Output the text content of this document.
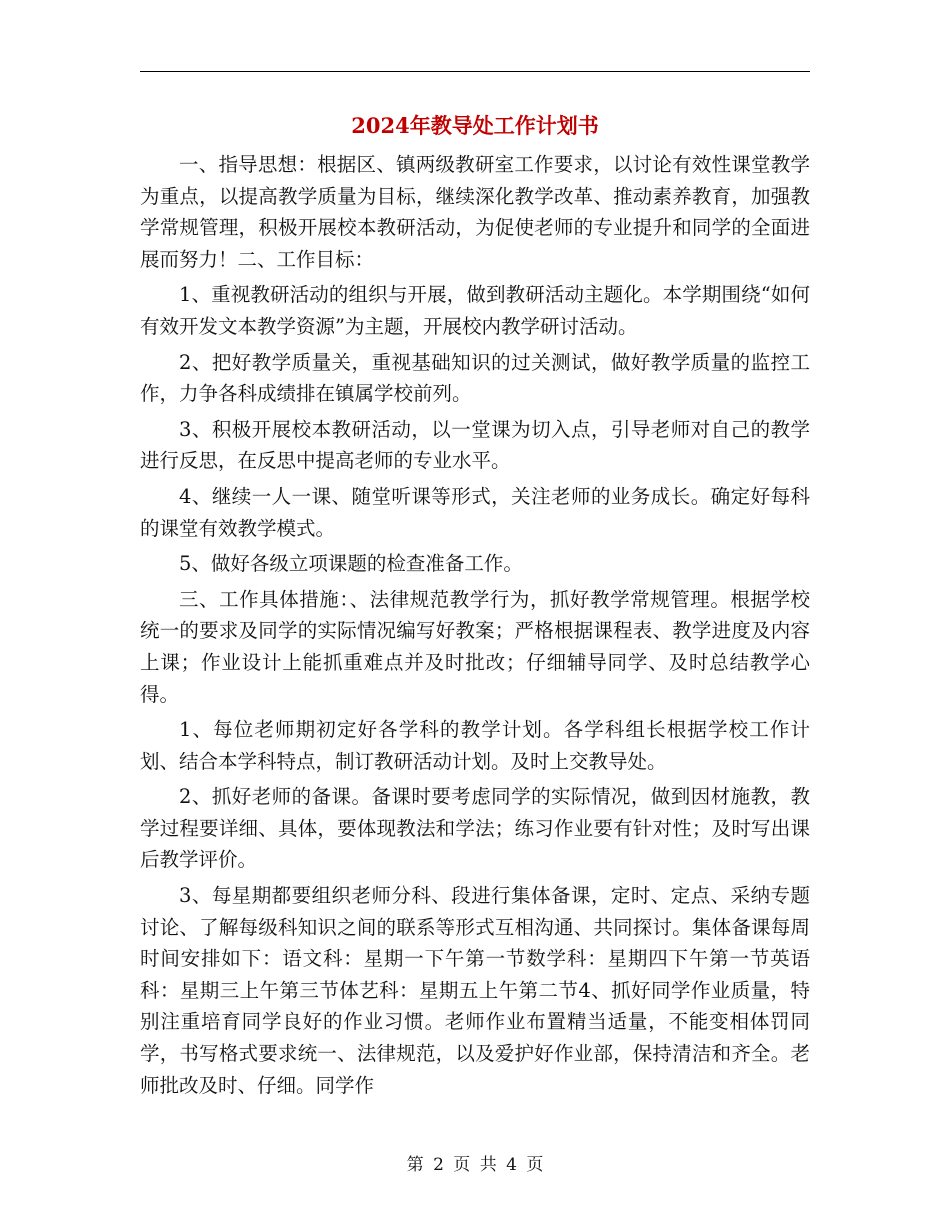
2024年教导处工作计划书

一、指导思想：根据区、镇两级教研室工作要求，以讨论有效性课堂教学为重点，以提高教学质量为目标，继续深化教学改革、推动素养教育，加强教学常规管理，积极开展校本教研活动，为促使老师的专业提升和同学的全面进展而努力！二、工作目标：

1、重视教研活动的组织与开展，做到教研活动主题化。本学期围绕“如何有效开发文本教学资源”为主题，开展校内教学研讨活动。

2、把好教学质量关，重视基础知识的过关测试，做好教学质量的监控工作，力争各科成绩排在镇属学校前列。

3、积极开展校本教研活动，以一堂课为切入点，引导老师对自己的教学进行反思，在反思中提高老师的专业水平。

4、继续一人一课、随堂听课等形式，关注老师的业务成长。确定好每科的课堂有效教学模式。

5、做好各级立项课题的检查准备工作。

三、工作具体措施：、法律规范教学行为，抓好教学常规管理。根据学校统一的要求及同学的实际情况编写好教案；严格根据课程表、教学进度及内容上课；作业设计上能抓重难点并及时批改；仔细辅导同学、及时总结教学心得。

1、每位老师期初定好各学科的教学计划。各学科组长根据学校工作计划、结合本学科特点，制订教研活动计划。及时上交教导处。

2、抓好老师的备课。备课时要考虑同学的实际情况，做到因材施教，教学过程要详细、具体，要体现教法和学法；练习作业要有针对性；及时写出课后教学评价。

3、每星期都要组织老师分科、段进行集体备课，定时、定点、采纳专题讨论、了解每级科知识之间的联系等形式互相沟通、共同探讨。集体备课每周时间安排如下：语文科：星期一下午第一节数学科：星期四下午第一节英语科：星期三上午第三节体艺科：星期五上午第二节4、抓好同学作业质量，特别注重培育同学良好的作业习惯。老师作业布置精当适量，不能变相体罚同学，书写格式要求统一、法律规范，以及爱护好作业部，保持清洁和齐全。老师批改及时、仔细。同学作

第 2 页 共 4 页
